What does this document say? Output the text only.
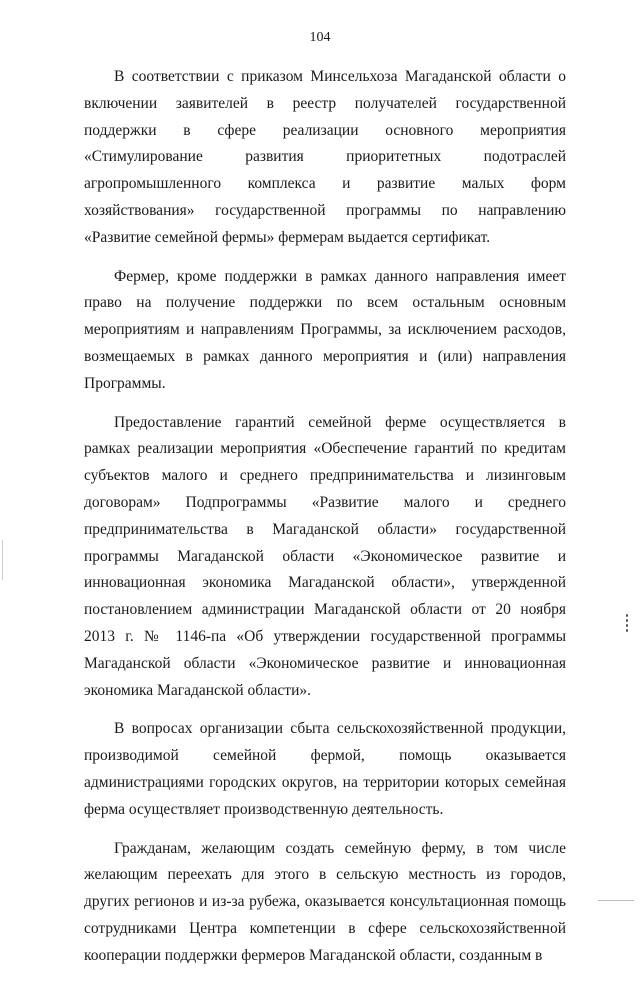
104

В соответствии с приказом Минсельхоза Магаданской области о включении заявителей в реестр получателей государственной поддержки в сфере реализации основного мероприятия «Стимулирование развития приоритетных подотраслей агропромышленного комплекса и развитие малых форм хозяйствования» государственной программы по направлению «Развитие семейной фермы» фермерам выдается сертификат.

Фермер, кроме поддержки в рамках данного направления имеет право на получение поддержки по всем остальным основным мероприятиям и направлениям Программы, за исключением расходов, возмещаемых в рамках данного мероприятия и (или) направления Программы.

Предоставление гарантий семейной ферме осуществляется в рамках реализации мероприятия «Обеспечение гарантий по кредитам субъектов малого и среднего предпринимательства и лизинговым договорам» Подпрограммы «Развитие малого и среднего предпринимательства в Магаданской области» государственной программы Магаданской области «Экономическое развитие и инновационная экономика Магаданской области», утвержденной постановлением администрации Магаданской области от 20 ноября 2013 г. № 1146-па «Об утверждении государственной программы Магаданской области «Экономическое развитие и инновационная экономика Магаданской области».

В вопросах организации сбыта сельскохозяйственной продукции, производимой семейной фермой, помощь оказывается администрациями городских округов, на территории которых семейная ферма осуществляет производственную деятельность.

Гражданам, желающим создать семейную ферму, в том числе желающим переехать для этого в сельскую местность из городов, других регионов и из-за рубежа, оказывается консультационная помощь сотрудниками Центра компетенции в сфере сельскохозяйственной кооперации поддержки фермеров Магаданской области, созданным в
